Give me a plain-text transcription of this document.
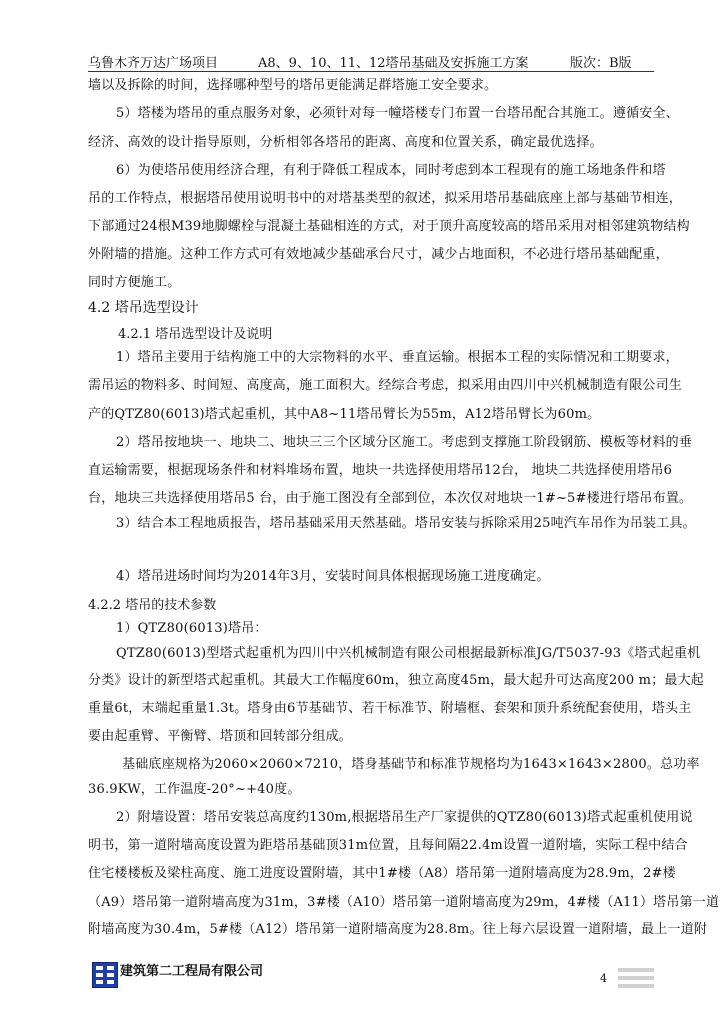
乌鲁木齐万达广场项目	A8、9、10、11、12塔吊基础及安拆施工方案	版次：B版
墙以及拆除的时间，选择哪种型号的塔吊更能满足群塔施工安全要求。
5）塔楼为塔吊的重点服务对象，必须针对每一幢塔楼专门布置一台塔吊配合其施工。遵循安全、
经济、高效的设计指导原则，分析相邻各塔吊的距离、高度和位置关系，确定最优选择。
6）为使塔吊使用经济合理，有利于降低工程成本，同时考虑到本工程现有的施工场地条件和塔
吊的工作特点，根据塔吊使用说明书中的对塔基类型的叙述，拟采用塔吊基础底座上部与基础节相连，
下部通过24根M39地脚螺栓与混凝土基础相连的方式，对于顶升高度较高的塔吊采用对相邻建筑物结构
外附墙的措施。这种工作方式可有效地减少基础承台尺寸，减少占地面积，不必进行塔吊基础配重，
同时方便施工。
4.2 塔吊选型设计
4.2.1 塔吊选型设计及说明
1）塔吊主要用于结构施工中的大宗物料的水平、垂直运输。根据本工程的实际情况和工期要求，
需吊运的物料多、时间短、高度高，施工面积大。经综合考虑，拟采用由四川中兴机械制造有限公司生
产的QTZ80(6013)塔式起重机，其中A8~11塔吊臂长为55m，A12塔吊臂长为60m。
2）塔吊按地块一、地块二、地块三三个区域分区施工。考虑到支撑施工阶段钢筋、模板等材料的垂
直运输需要，根据现场条件和材料堆场布置，地块一共选择使用塔吊12台， 地块二共选择使用塔吊6
台，地块三共选择使用塔吊5 台，由于施工图没有全部到位，本次仅对地块一1#~5#楼进行塔吊布置。
3）结合本工程地质报告，塔吊基础采用天然基础。塔吊安装与拆除采用25吨汽车吊作为吊装工具。
4）塔吊进场时间均为2014年3月，安装时间具体根据现场施工进度确定。
4.2.2 塔吊的技术参数
1）QTZ80(6013)塔吊：
QTZ80(6013)型塔式起重机为四川中兴机械制造有限公司根据最新标准JG/T5037-93《塔式起重机
分类》设计的新型塔式起重机。其最大工作幅度60m，独立高度45m，最大起升可达高度200 m；最大起
重量6t，末端起重量1.3t。塔身由6节基础节、若干标准节、附墙框、套架和顶升系统配套使用，塔头主
要由起重臂、平衡臂、塔顶和回转部分组成。
基础底座规格为2060×2060×7210，塔身基础节和标准节规格均为1643×1643×2800。总功率
36.9KW，工作温度-20°~+40度。
2）附墙设置：塔吊安装总高度约130m,根据塔吊生产厂家提供的QTZ80(6013)塔式起重机使用说
明书，第一道附墙高度设置为距塔吊基础顶31m位置，且每间隔22.4m设置一道附墙，实际工程中结合
住宅楼楼板及梁柱高度、施工进度设置附墙，其中1#楼（A8）塔吊第一道附墙高度为28.9m，2#楼
（A9）塔吊第一道附墙高度为31m，3#楼（A10）塔吊第一道附墙高度为29m，4#楼（A11）塔吊第一道
附墙高度为30.4m，5#楼（A12）塔吊第一道附墙高度为28.8m。往上每六层设置一道附墙，最上一道附
建筑第二工程局有限公司	4
